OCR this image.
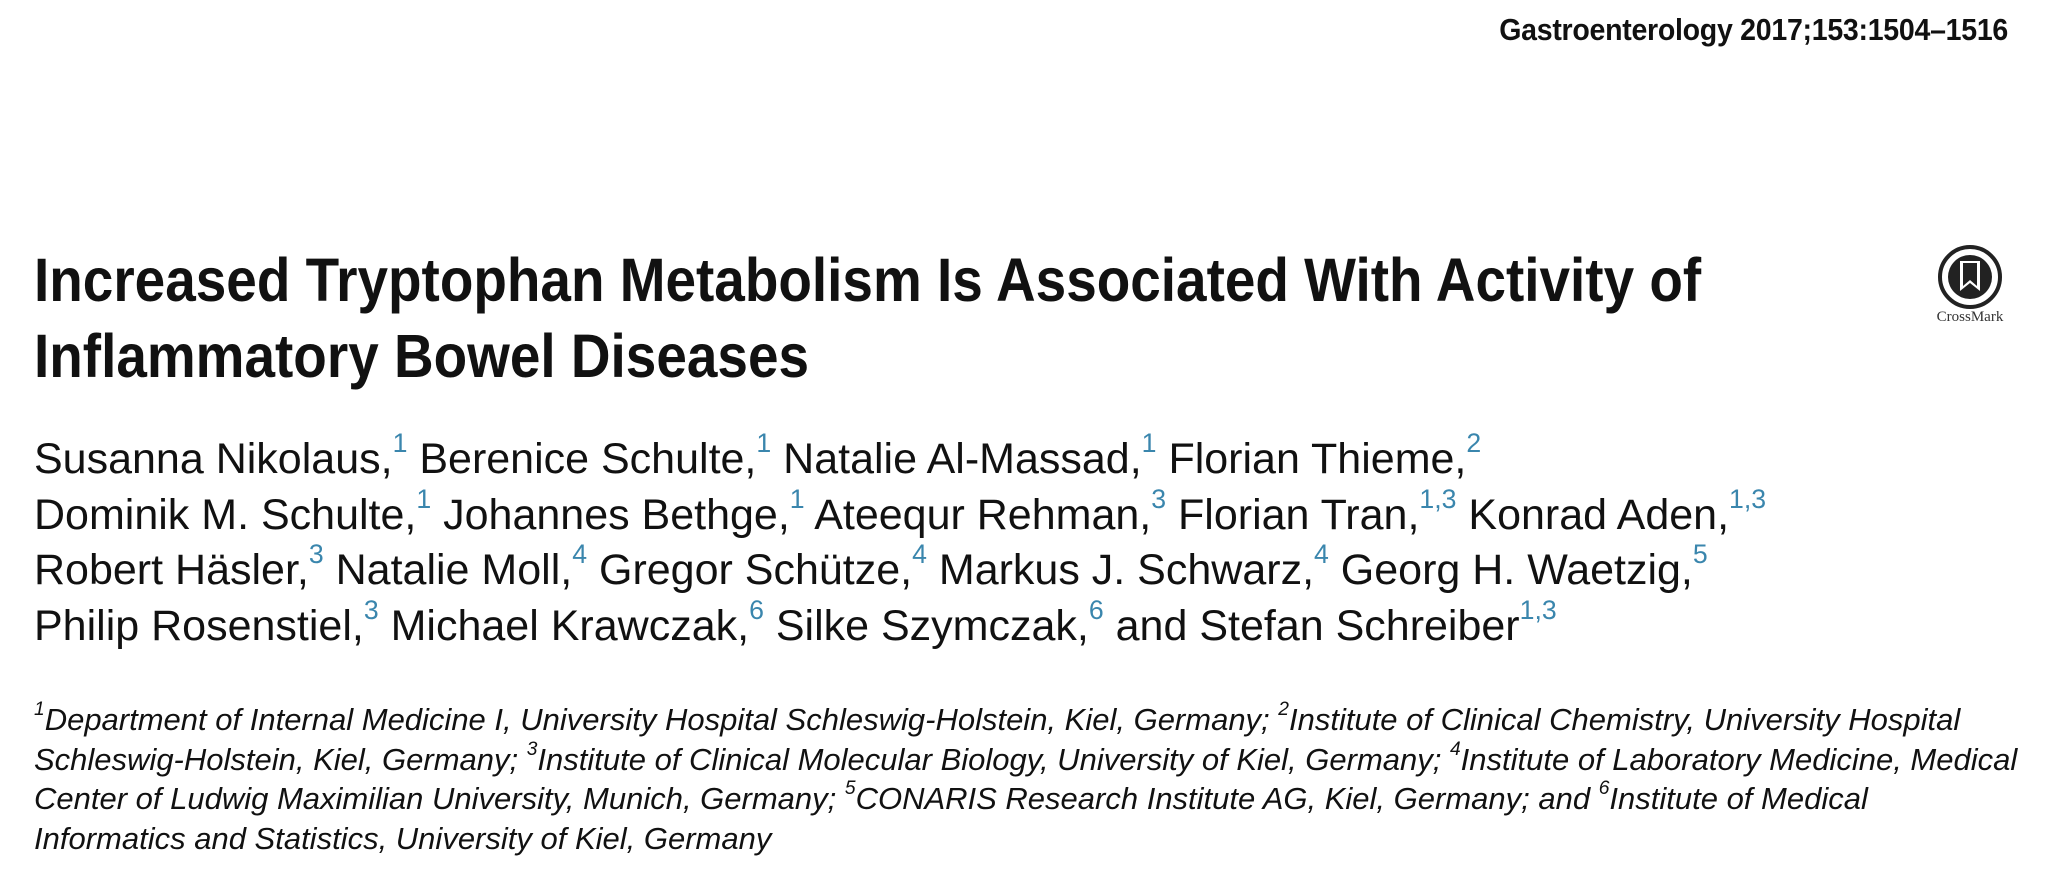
Gastroenterology 2017;153:1504–1516
Increased Tryptophan Metabolism Is Associated With Activity of
Inflammatory Bowel Diseases
CrossMark
Susanna Nikolaus,$^1$ Berenice Schulte,$^1$ Natalie Al-Massad,$^1$ Florian Thieme,$^2$
Dominik M. Schulte,$^1$ Johannes Bethge,$^1$ Ateequr Rehman,$^3$ Florian Tran,$^{1,3}$ Konrad Aden,$^{1,3}$
Robert Häsler,$^3$ Natalie Moll,$^4$ Gregor Schütze,$^4$ Markus J. Schwarz,$^4$ Georg H. Waetzig,$^5$
Philip Rosenstiel,$^3$ Michael Krawczak,$^6$ Silke Szymczak,$^6$ and Stefan Schreiber$^{1,3}$
$^1$Department of Internal Medicine I, University Hospital Schleswig-Holstein, Kiel, Germany; $^2$Institute of Clinical Chemistry, University Hospital Schleswig-Holstein, Kiel, Germany; $^3$Institute of Clinical Molecular Biology, University of Kiel, Germany; $^4$Institute of Laboratory Medicine, Medical Center of Ludwig Maximilian University, Munich, Germany; $^5$CONARIS Research Institute AG, Kiel, Germany; and $^6$Institute of Medical Informatics and Statistics, University of Kiel, Germany
